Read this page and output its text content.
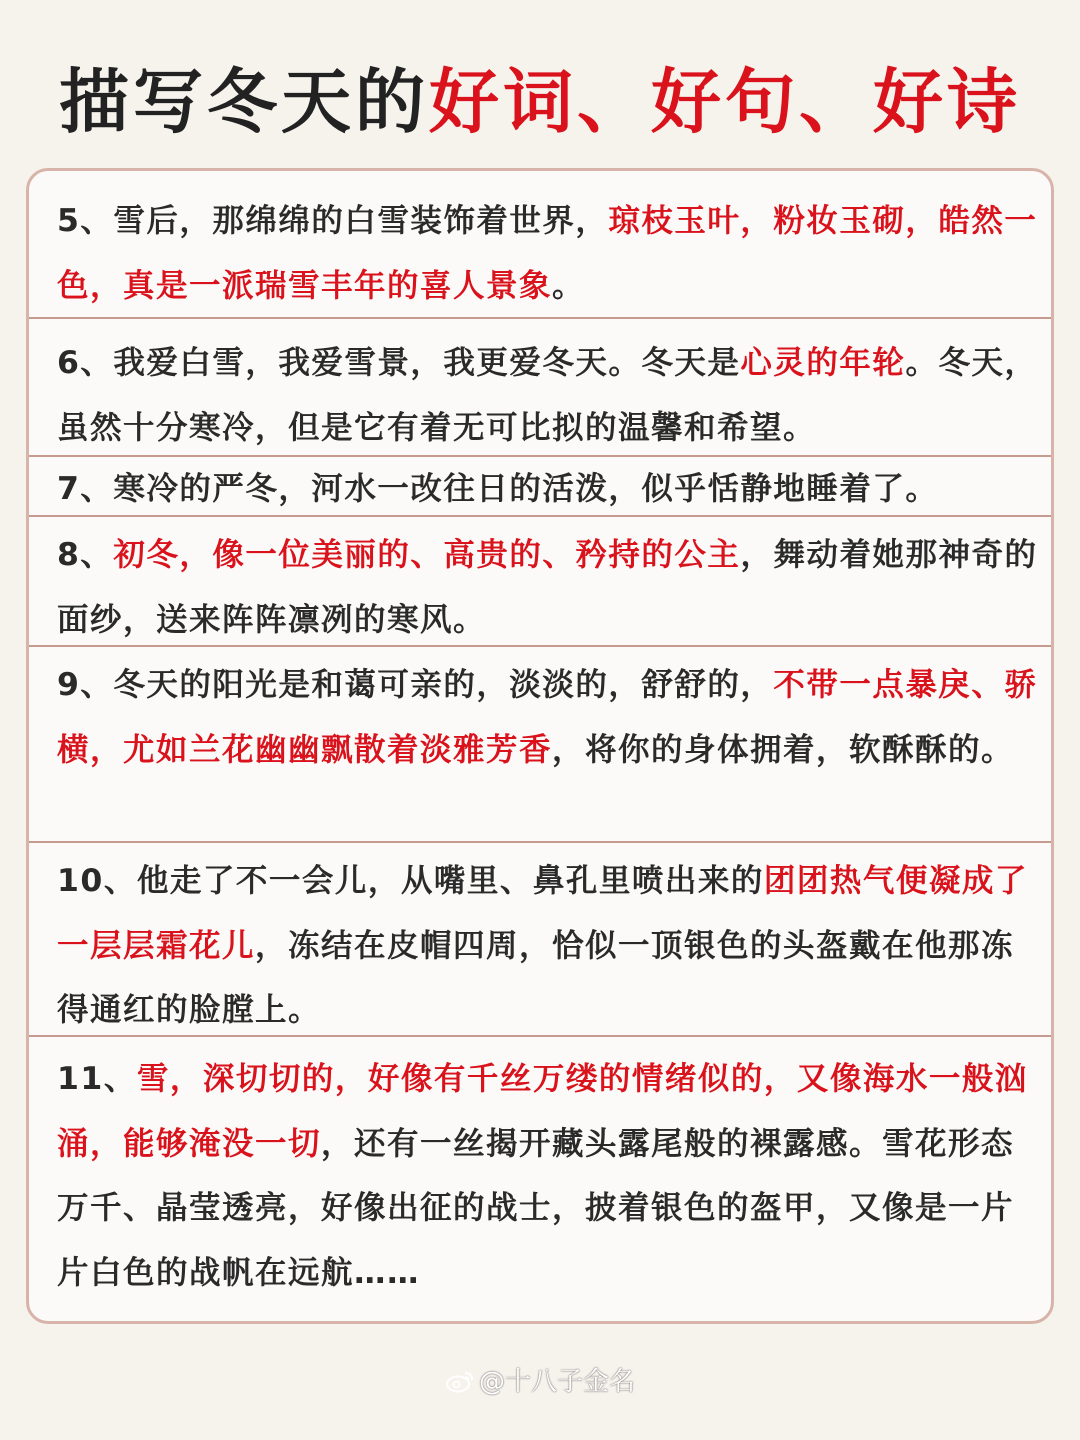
描写冬天的好词、好句、好诗
5、雪后，那绵绵的白雪装饰着世界，琼枝玉叶，粉妆玉砌，皓然一色，真是一派瑞雪丰年的喜人景象。
6、我爱白雪，我爱雪景，我更爱冬天。冬天是心灵的年轮。冬天，虽然十分寒冷，但是它有着无可比拟的温馨和希望。
7、寒冷的严冬，河水一改往日的活泼，似乎恬静地睡着了。
8、初冬，像一位美丽的、高贵的、矜持的公主，舞动着她那神奇的面纱，送来阵阵凛冽的寒风。
9、冬天的阳光是和蔼可亲的，淡淡的，舒舒的，不带一点暴戾、骄横，尤如兰花幽幽飘散着淡雅芳香，将你的身体拥着，软酥酥的。
10、他走了不一会儿，从嘴里、鼻孔里喷出来的团团热气便凝成了一层层霜花儿，冻结在皮帽四周，恰似一顶银色的头盔戴在他那冻得通红的脸膛上。
11、雪，深切切的，好像有千丝万缕的情绪似的，又像海水一般汹涌，能够淹没一切，还有一丝揭开藏头露尾般的裸露感。雪花形态万千、晶莹透亮，好像出征的战士，披着银色的盔甲，又像是一片片白色的战帆在远航……
@十八子金名
